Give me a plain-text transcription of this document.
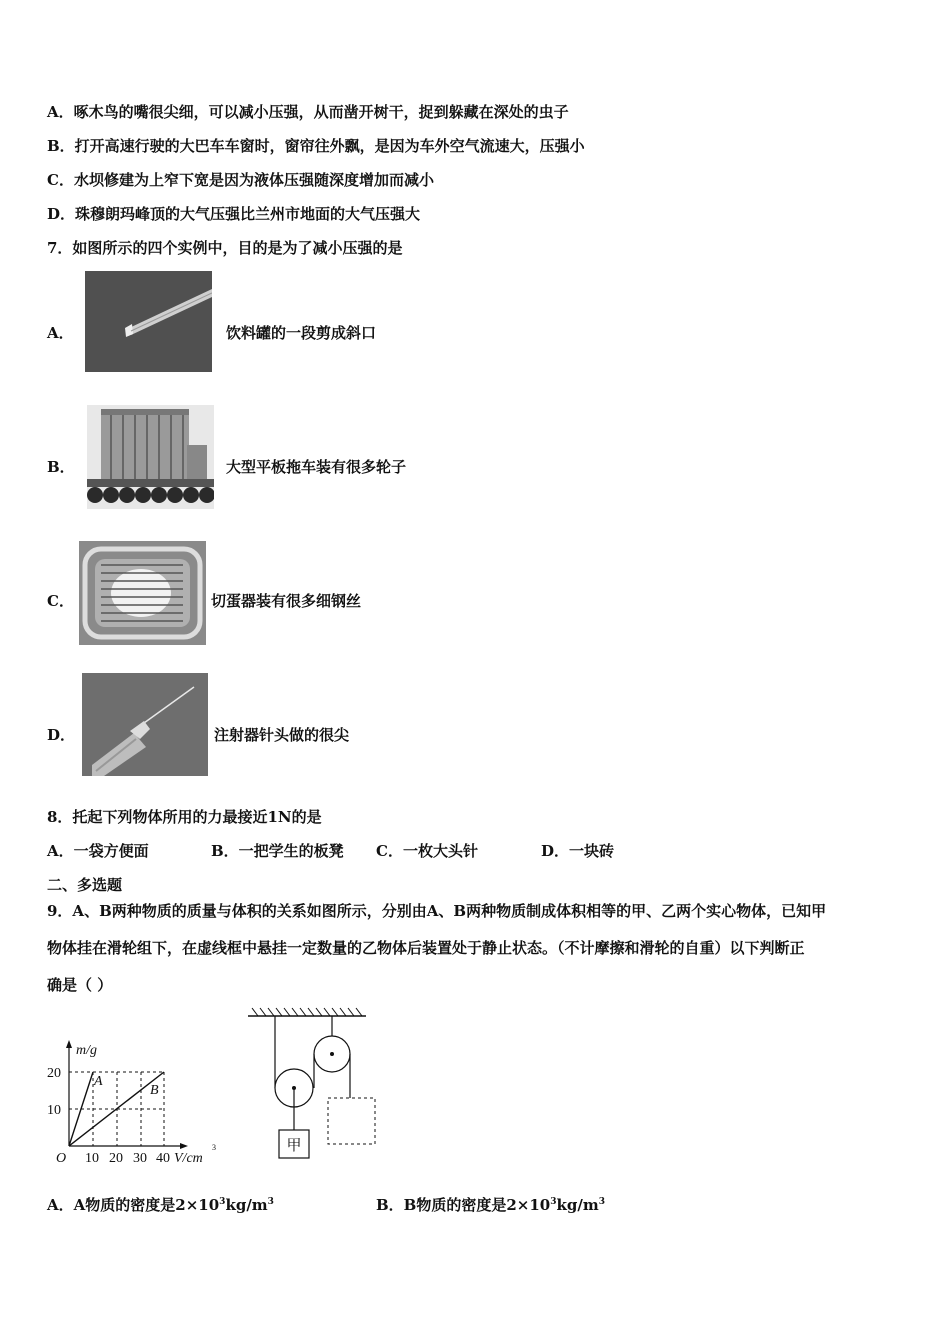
A．啄木鸟的嘴很尖细，可以减小压强，从而凿开树干，捉到躲藏在深处的虫子
B．打开高速行驶的大巴车车窗时，窗帘往外飘，是因为车外空气流速大，压强小
C．水坝修建为上窄下宽是因为液体压强随深度增加而减小
D．珠穆朗玛峰顶的大气压强比兰州市地面的大气压强大
7．如图所示的四个实例中，目的是为了减小压强的是
A．	饮料罐的一段剪成斜口
B．	大型平板拖车装有很多轮子
C．	切蛋器装有很多细钢丝
D．	注射器针头做的很尖
8．托起下列物体所用的力最接近1N的是
A．一袋方便面	B．一把学生的板凳 C．一枚大头针	D．一块砖
二、多选题
9．A、B两种物质的质量与体积的关系如图所示，分别由A、B两种物质制成体积相等的甲、乙两个实心物体，已知甲
物体挂在滑轮组下，在虚线框中悬挂一定数量的乙物体后装置处于静止状态。（不计摩擦和滑轮的自重）以下判断正
确是（ ）
m/g
20
10
O 10 20 30 40 V/cm
3
A
B
甲
A．A物质的密度是$2\times 10^3kg/m^3$	B．B物质的密度是$2\times 10^3kg/m^3$
